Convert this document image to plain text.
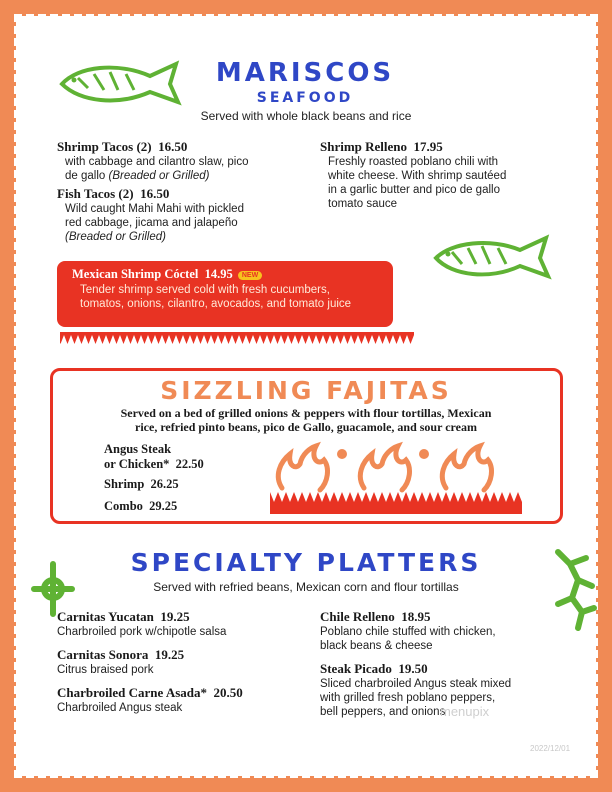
MARISCOS
SEAFOOD
Served with whole black beans and rice
Shrimp Tacos (2) 16.50
with cabbage and cilantro slaw, pico
de gallo (Breaded or Grilled)
Fish Tacos (2) 16.50
Wild caught Mahi Mahi with pickled
red cabbage, jicama and jalapeño
(Breaded or Grilled)
Shrimp Relleno 17.95
Freshly roasted poblano chili with
white cheese. With shrimp sautéed
in a garlic butter and pico de gallo
tomato sauce
Mexican Shrimp Cóctel 14.95 NEW
Tender shrimp served cold with fresh cucumbers,
tomatos, onions, cilantro, avocados, and tomato juice
SIZZLING FAJITAS
Served on a bed of grilled onions & peppers with flour tortillas, Mexican
rice, refried pinto beans, pico de Gallo, guacamole, and sour cream
Angus Steak
or Chicken* 22.50
Shrimp 26.25
Combo 29.25
SPECIALTY PLATTERS
Served with refried beans, Mexican corn and flour tortillas
Carnitas Yucatan 19.25
Charbroiled pork w/chipotle salsa
Carnitas Sonora 19.25
Citrus braised pork
Charbroiled Carne Asada* 20.50
Charbroiled Angus steak
Chile Relleno 18.95
Poblano chile stuffed with chicken,
black beans & cheese
Steak Picado 19.50
Sliced charbroiled Angus steak mixed
with grilled fresh poblano peppers,
bell peppers, and onions
menupix
2022/12/01
